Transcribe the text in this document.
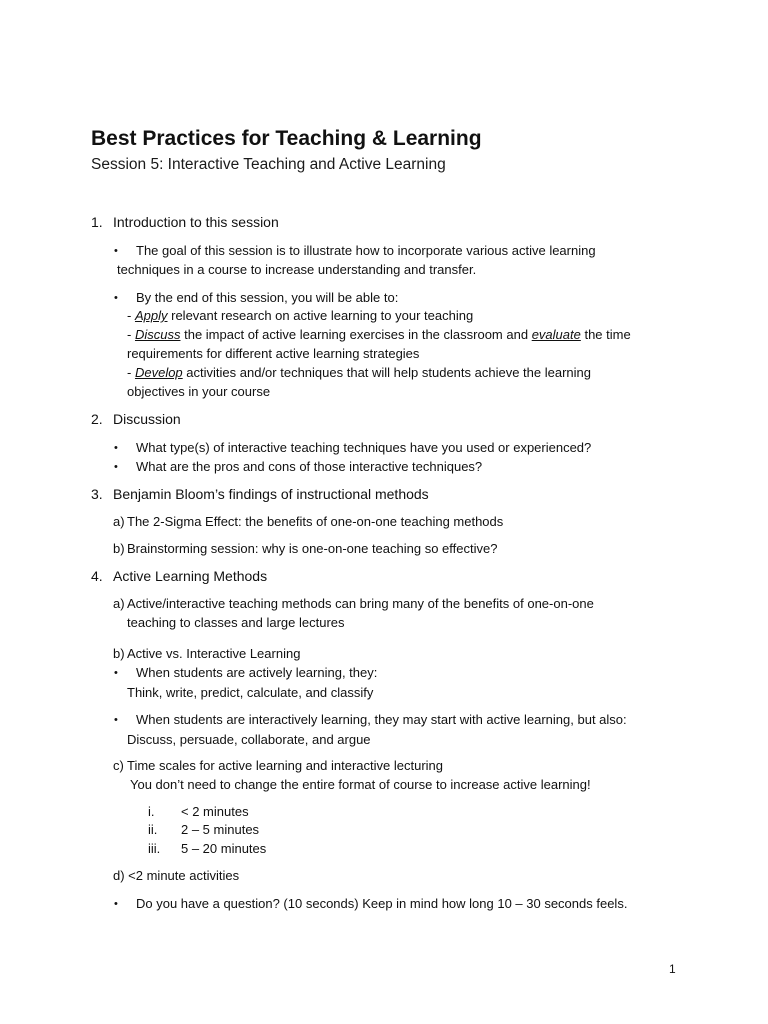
Best Practices for Teaching & Learning
Session 5: Interactive Teaching and Active Learning
1. Introduction to this session
• The goal of this session is to illustrate how to incorporate various active learning
techniques in a course to increase understanding and transfer.
• By the end of this session, you will be able to:
- Apply relevant research on active learning to your teaching
- Discuss the impact of active learning exercises in the classroom and evaluate the time
requirements for different active learning strategies
- Develop activities and/or techniques that will help students achieve the learning
objectives in your course
2. Discussion
• What type(s) of interactive teaching techniques have you used or experienced?
• What are the pros and cons of those interactive techniques?
3. Benjamin Bloom’s findings of instructional methods
a) The 2-Sigma Effect: the benefits of one-on-one teaching methods
b) Brainstorming session: why is one-on-one teaching so effective?
4. Active Learning Methods
a) Active/interactive teaching methods can bring many of the benefits of one-on-one
teaching to classes and large lectures
b) Active vs. Interactive Learning
• When students are actively learning, they:
Think, write, predict, calculate, and classify
• When students are interactively learning, they may start with active learning, but also:
Discuss, persuade, collaborate, and argue
c) Time scales for active learning and interactive lecturing
You don’t need to change the entire format of course to increase active learning!
i. < 2 minutes
ii. 2 – 5 minutes
iii. 5 – 20 minutes
d) <2 minute activities
• Do you have a question? (10 seconds) Keep in mind how long 10 – 30 seconds feels.
1
